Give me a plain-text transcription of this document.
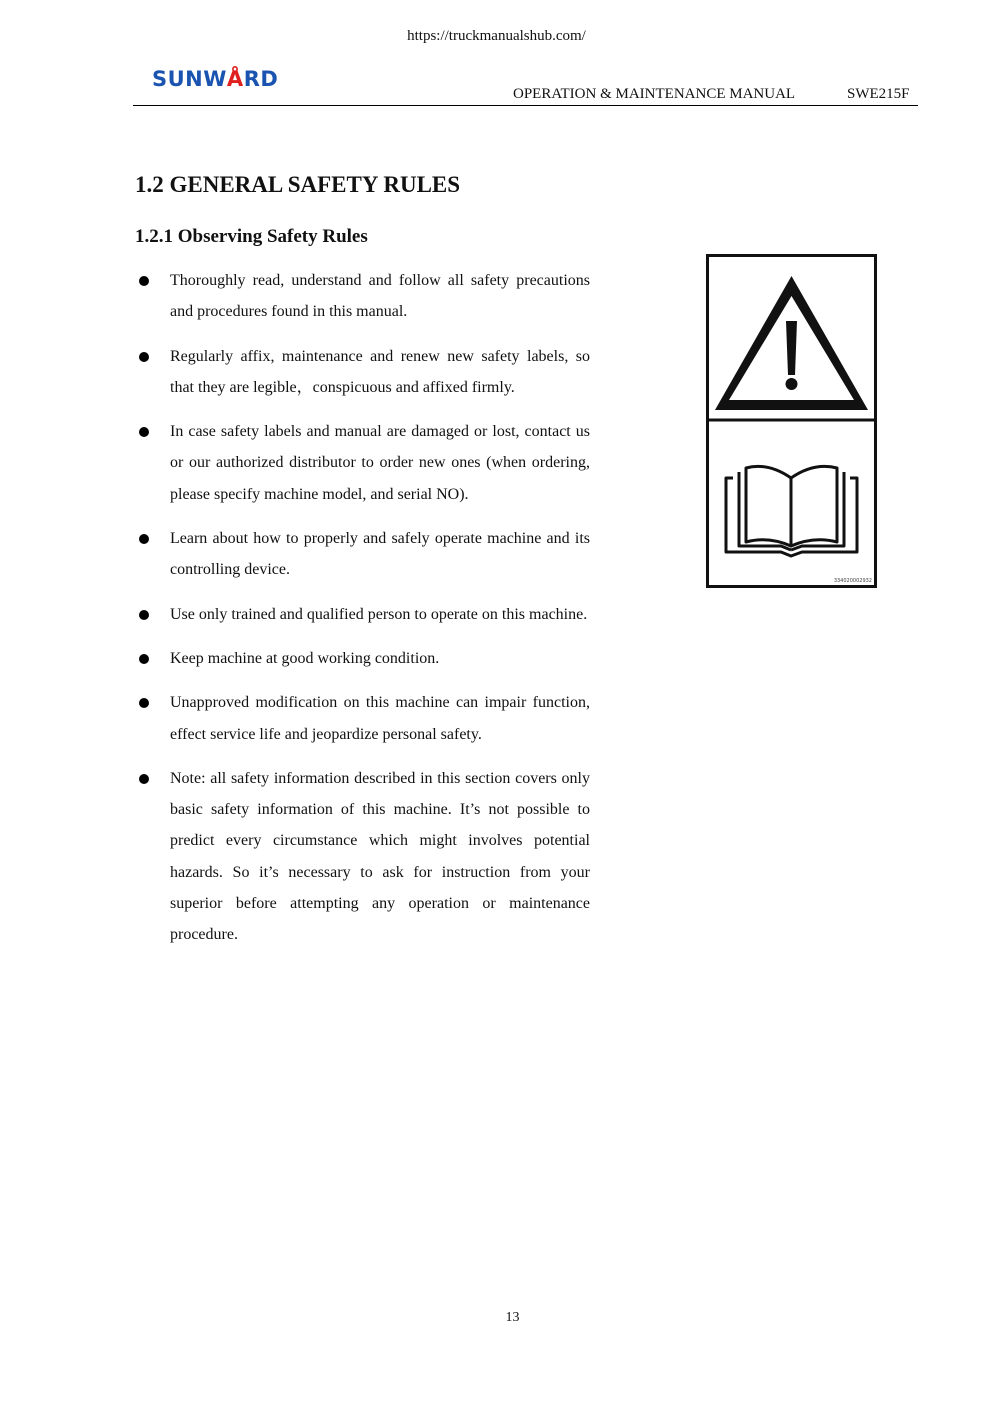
https://truckmanualshub.com/
SUNWÅRD
OPERATION & MAINTENANCE MANUAL	SWE215F
1.2 GENERAL SAFETY RULES
1.2.1 Observing Safety Rules
Thoroughly read, understand and follow all safety precautions and procedures found in this manual.
Regularly affix, maintenance and renew new safety labels, so that they are legible，conspicuous and affixed firmly.
In case safety labels and manual are damaged or lost, contact us or our authorized distributor to order new ones (when ordering, please specify machine model, and serial NO).
Learn about how to properly and safely operate machine and its controlling device.
Use only trained and qualified person to operate on this machine.
Keep machine at good working condition.
Unapproved modification on this machine can impair function, effect service life and jeopardize personal safety.
Note: all safety information described in this section covers only basic safety information of this machine. It’s not possible to predict every circumstance which might involves potential hazards. So it’s necessary to ask for instruction from your superior before attempting any operation or maintenance procedure.
334020002932
13
